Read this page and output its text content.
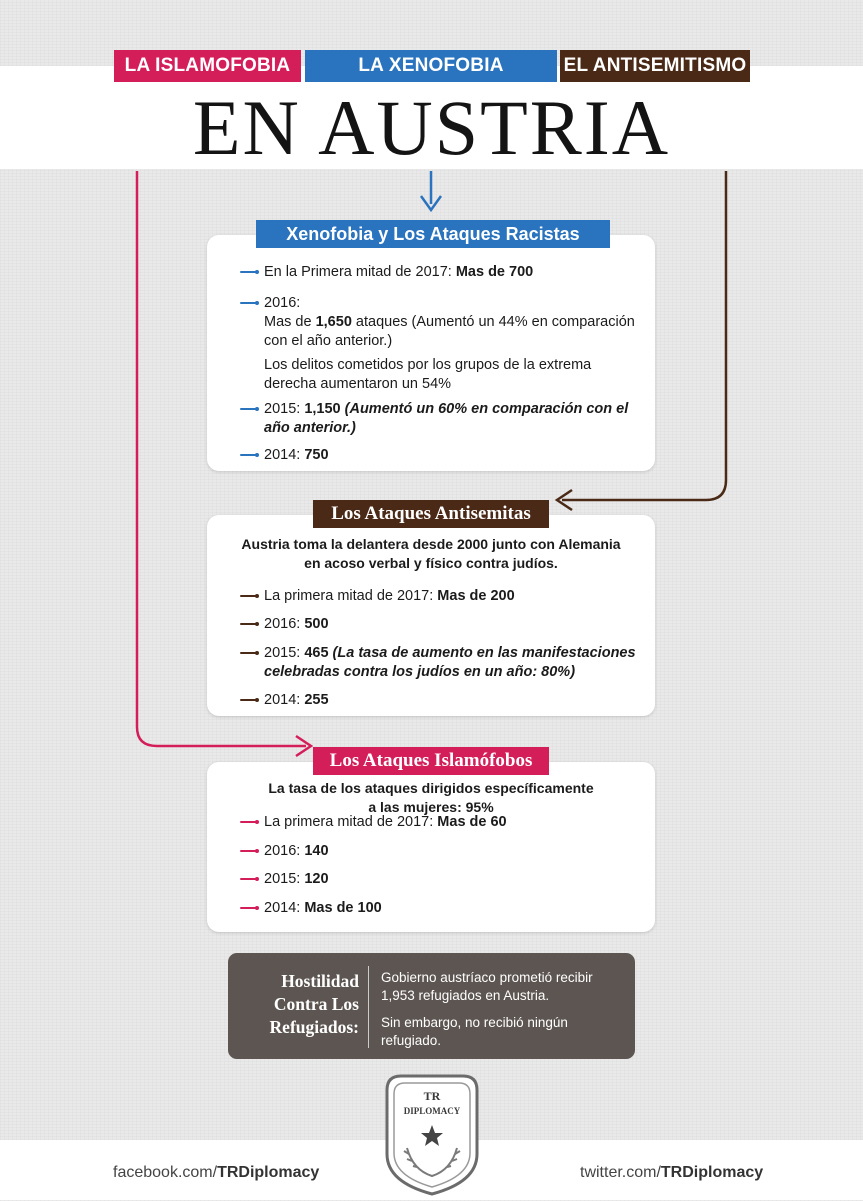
LA ISLAMOFOBIA	LA XENOFOBIA	EL ANTISEMITISMO
EN AUSTRIA
Xenofobia y Los Ataques Racistas
En la Primera mitad de 2017: Mas de 700
2016:
Mas de 1,650 ataques (Aumentó un 44% en comparación con el año anterior.)
Los delitos cometidos por los grupos de la extrema derecha aumentaron un 54%
2015: 1,150 (Aumentó un 60% en comparación con el año anterior.)
2014: 750
Los Ataques Antisemitas
Austria toma la delantera desde 2000 junto con Alemania en acoso verbal y físico contra judíos.
La primera mitad de 2017: Mas de 200
2016: 500
2015: 465 (La tasa de aumento en las manifestaciones celebradas contra los judíos en un año: 80%)
2014: 255
Los Ataques Islamófobos
La tasa de los ataques dirigidos específicamente
a las mujeres: 95%
La primera mitad de 2017: Mas de 60
2016: 140
2015: 120
2014: Mas de 100
Hostilidad
Contra Los
Refugiados:
Gobierno austríaco prometió recibir 1,953 refugiados en Austria.
Sin embargo, no recibió ningún refugiado.
facebook.com/TRDiplomacy	twitter.com/TRDiplomacy
TR
DIPLOMACY
